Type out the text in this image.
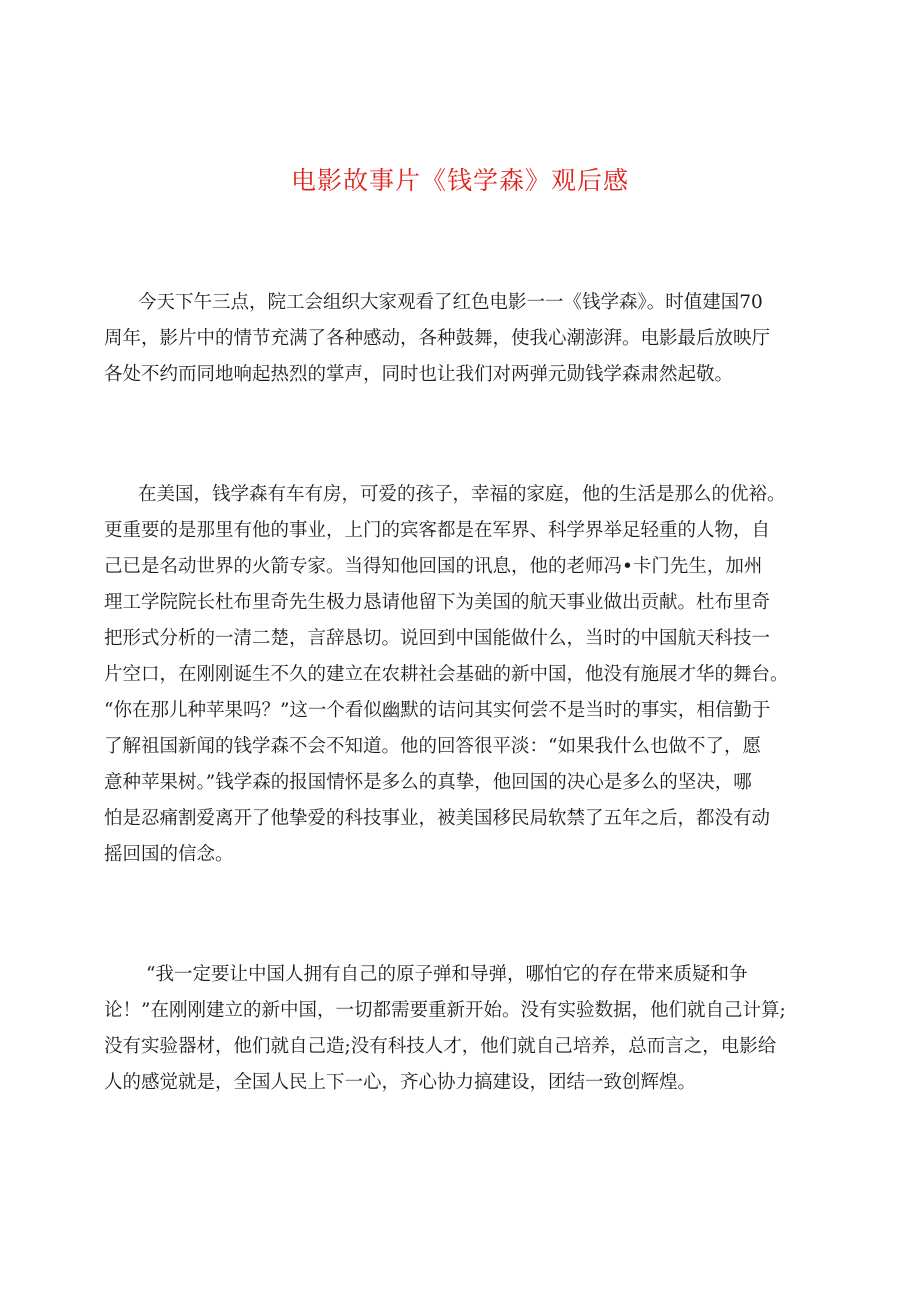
电影故事片《钱学森》观后感
今天下午三点，院工会组织大家观看了红色电影一一《钱学森》。时值建国70
周年，影片中的情节充满了各种感动，各种鼓舞，使我心潮澎湃。电影最后放映厅
各处不约而同地响起热烈的掌声，同时也让我们对两弹元勋钱学森肃然起敬。
在美国，钱学森有车有房，可爱的孩子，幸福的家庭，他的生活是那么的优裕。
更重要的是那里有他的事业，上门的宾客都是在军界、科学界举足轻重的人物，自
己已是名动世界的火箭专家。当得知他回国的讯息，他的老师冯•卡门先生，加州
理工学院院长杜布里奇先生极力恳请他留下为美国的航天事业做出贡献。杜布里奇
把形式分析的一清二楚，言辞恳切。说回到中国能做什么，当时的中国航天科技一
片空口，在刚刚诞生不久的建立在农耕社会基础的新中国，他没有施展才华的舞台。
“你在那儿种苹果吗？”这一个看似幽默的诘问其实何尝不是当时的事实，相信勤于
了解祖国新闻的钱学森不会不知道。他的回答很平淡：“如果我什么也做不了，愿
意种苹果树。”钱学森的报国情怀是多么的真挚，他回国的决心是多么的坚决，哪
怕是忍痛割爱离开了他挚爱的科技事业，被美国移民局软禁了五年之后，都没有动
摇回国的信念。
“我一定要让中国人拥有自己的原子弹和导弹，哪怕它的存在带来质疑和争
论！”在刚刚建立的新中国，一切都需要重新开始。没有实验数据，他们就自己计算;
没有实验器材，他们就自己造;没有科技人才，他们就自己培养，总而言之，电影给
人的感觉就是，全国人民上下一心，齐心协力搞建设，团结一致创辉煌。
